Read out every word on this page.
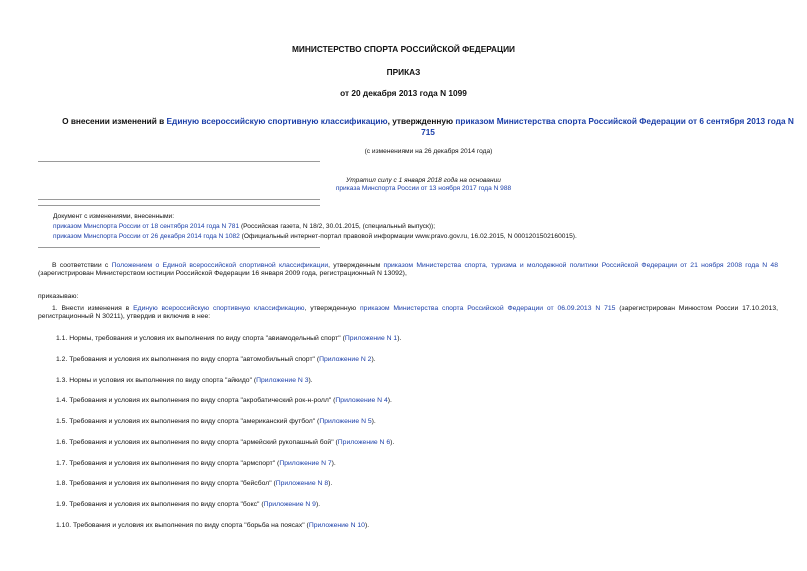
МИНИСТЕРСТВО СПОРТА РОССИЙСКОЙ ФЕДЕРАЦИИ
ПРИКАЗ
от 20 декабря 2013 года N 1099
О внесении изменений в Единую всероссийскую спортивную классификацию, утвержденную приказом Министерства спорта Российской Федерации от 6 сентября 2013 года N 715
(с изменениями на 26 декабря 2014 года)
Утратил силу с 1 января 2018 года на основании
приказа Минспорта России от 13 ноября 2017 года N 988
Документ с изменениями, внесенными:
приказом Минспорта России от 18 сентября 2014 года N 781 (Российская газета, N 18/2, 30.01.2015, (специальный выпуск));
приказом Минспорта России от 26 декабря 2014 года N 1082 (Официальный интернет-портал правовой информации www.pravo.gov.ru, 16.02.2015, N 0001201502160015).
В соответствии с Положением о Единой всероссийской спортивной классификации, утвержденным приказом Министерства спорта, туризма и молодежной политики Российской Федерации от 21 ноября 2008 года N 48 (зарегистрирован Министерством юстиции Российской Федерации 16 января 2009 года, регистрационный N 13092),
приказываю:
1. Внести изменения в Единую всероссийскую спортивную классификацию, утвержденную приказом Министерства спорта Российской Федерации от 06.09.2013 N 715 (зарегистрирован Минюстом России 17.10.2013, регистрационный N 30211), утвердив и включив в нее:
1.1. Нормы, требования и условия их выполнения по виду спорта "авиамодельный спорт" (Приложение N 1).
1.2. Требования и условия их выполнения по виду спорта "автомобильный спорт" (Приложение N 2).
1.3. Нормы и условия их выполнения по виду спорта "айкидо" (Приложение N 3).
1.4. Требования и условия их выполнения по виду спорта "акробатический рок-н-ролл" (Приложение N 4).
1.5. Требования и условия их выполнения по виду спорта "американский футбол" (Приложение N 5).
1.6. Требования и условия их выполнения по виду спорта "армейский рукопашный бой" (Приложение N 6).
1.7. Требования и условия их выполнения по виду спорта "армспорт" (Приложение N 7).
1.8. Требования и условия их выполнения по виду спорта "бейсбол" (Приложение N 8).
1.9. Требования и условия их выполнения по виду спорта "бокс" (Приложение N 9).
1.10. Требования и условия их выполнения по виду спорта "борьба на поясах" (Приложение N 10).
